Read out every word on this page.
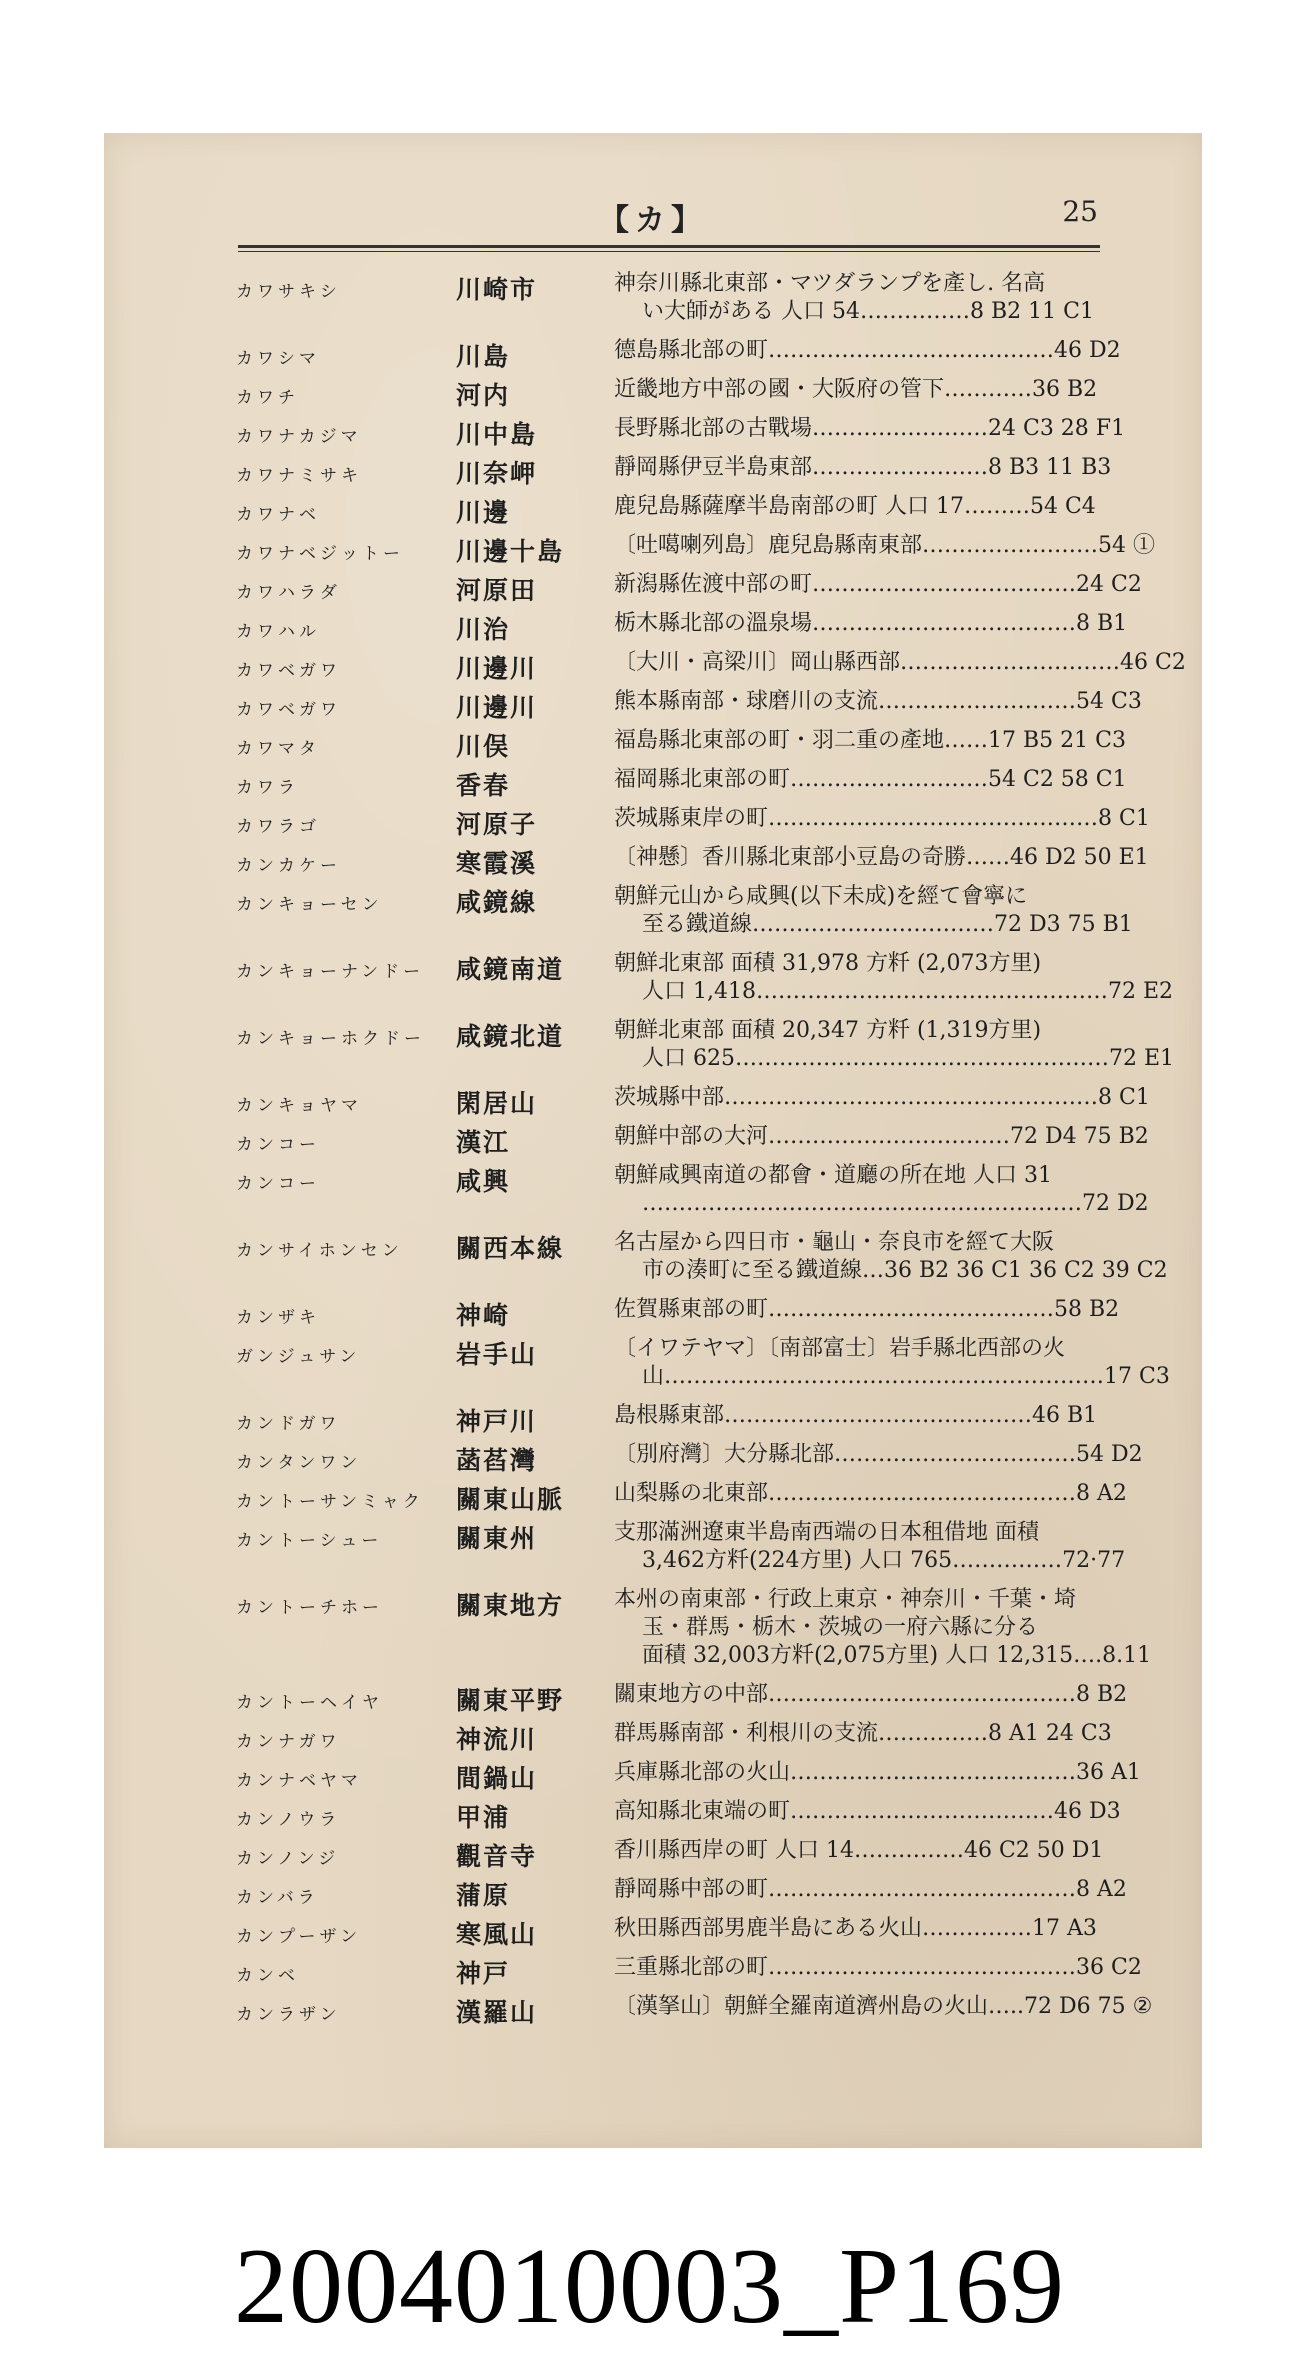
【カ】	25
カワサキシ	川崎市	神奈川縣北東部・マツダランプを產し. 名高
い大師がある 人口 54……………8 B2 11 C1
カワシマ	川島	德島縣北部の町…………………………………46 D2
カワチ	河内	近畿地方中部の國・大阪府の管下…………36 B2
カワナカジマ	川中島	長野縣北部の古戰場……………………24 C3 28 F1
カワナミサキ	川奈岬	靜岡縣伊豆半島東部……………………8 B3 11 B3
カワナベ	川邊	鹿兒島縣薩摩半島南部の町 人口 17………54 C4
カワナベジットー	川邊十島	〔吐噶喇列島〕鹿兒島縣南東部……………………54 ①
カワハラダ	河原田	新潟縣佐渡中部の町………………………………24 C2
カワハル	川治	栃木縣北部の溫泉場………………………………8 B1
カワベガワ	川邊川	〔大川・高梁川〕岡山縣西部…………………………46 C2
カワベガワ	川邊川	熊本縣南部・球磨川の支流………………………54 C3
カワマタ	川俣	福島縣北東部の町・羽二重の產地……17 B5 21 C3
カワラ	香春	福岡縣北東部の町………………………54 C2 58 C1
カワラゴ	河原子	茨城縣東岸の町………………………………………8 C1
カンカケー	寒霞溪	〔神懸〕香川縣北東部小豆島の奇勝……46 D2 50 E1
カンキョーセン	咸鏡線	朝鮮元山から咸興(以下未成)を經て會寧に
至る鐵道線……………………………72 D3 75 B1
カンキョーナンドー	咸鏡南道	朝鮮北東部 面積 31,978 方粁 (2,073方里)
人口 1,418…………………………………………72 E2
カンキョーホクドー	咸鏡北道	朝鮮北東部 面積 20,347 方粁 (1,319方里)
人口 625……………………………………………72 E1
カンキョヤマ	閑居山	茨城縣中部……………………………………………8 C1
カンコー	漢江	朝鮮中部の大河……………………………72 D4 75 B2
カンコー	咸興	朝鮮咸興南道の都會・道廳の所在地 人口 31
……………………………………………………72 D2
カンサイホンセン	關西本線	名古屋から四日市・龜山・奈良市を經て大阪
市の湊町に至る鐵道線…36 B2 36 C1 36 C2 39 C2
カンザキ	神崎	佐賀縣東部の町…………………………………58 B2
ガンジュサン	岩手山	〔イワテヤマ〕〔南部富士〕岩手縣北西部の火
山……………………………………………………17 C3
カンドガワ	神戸川	島根縣東部……………………………………46 B1
カンタンワン	菡萏灣	〔別府灣〕大分縣北部……………………………54 D2
カントーサンミャク	關東山脈	山梨縣の北東部……………………………………8 A2
カントーシュー	關東州	支那滿洲遼東半島南西端の日本租借地 面積
3,462方粁(224方里) 人口 765……………72·77
カントーチホー	關東地方	本州の南東部・行政上東京・神奈川・千葉・埼
玉・群馬・栃木・茨城の一府六縣に分る
面積 32,003方粁(2,075方里) 人口 12,315….8.11
カントーヘイヤ	關東平野	關東地方の中部……………………………………8 B2
カンナガワ	神流川	群馬縣南部・利根川の支流……………8 A1 24 C3
カンナベヤマ	間鍋山	兵庫縣北部の火山…………………………………36 A1
カンノウラ	甲浦	高知縣北東端の町………………………………46 D3
カンノンジ	觀音寺	香川縣西岸の町 人口 14……………46 C2 50 D1
カンバラ	蒲原	靜岡縣中部の町……………………………………8 A2
カンプーザン	寒風山	秋田縣西部男鹿半島にある火山……………17 A3
カンベ	神戸	三重縣北部の町……………………………………36 C2
カンラザン	漢羅山	〔漢拏山〕朝鮮全羅南道濟州島の火山…..72 D6 75 ②
2004010003_P169
